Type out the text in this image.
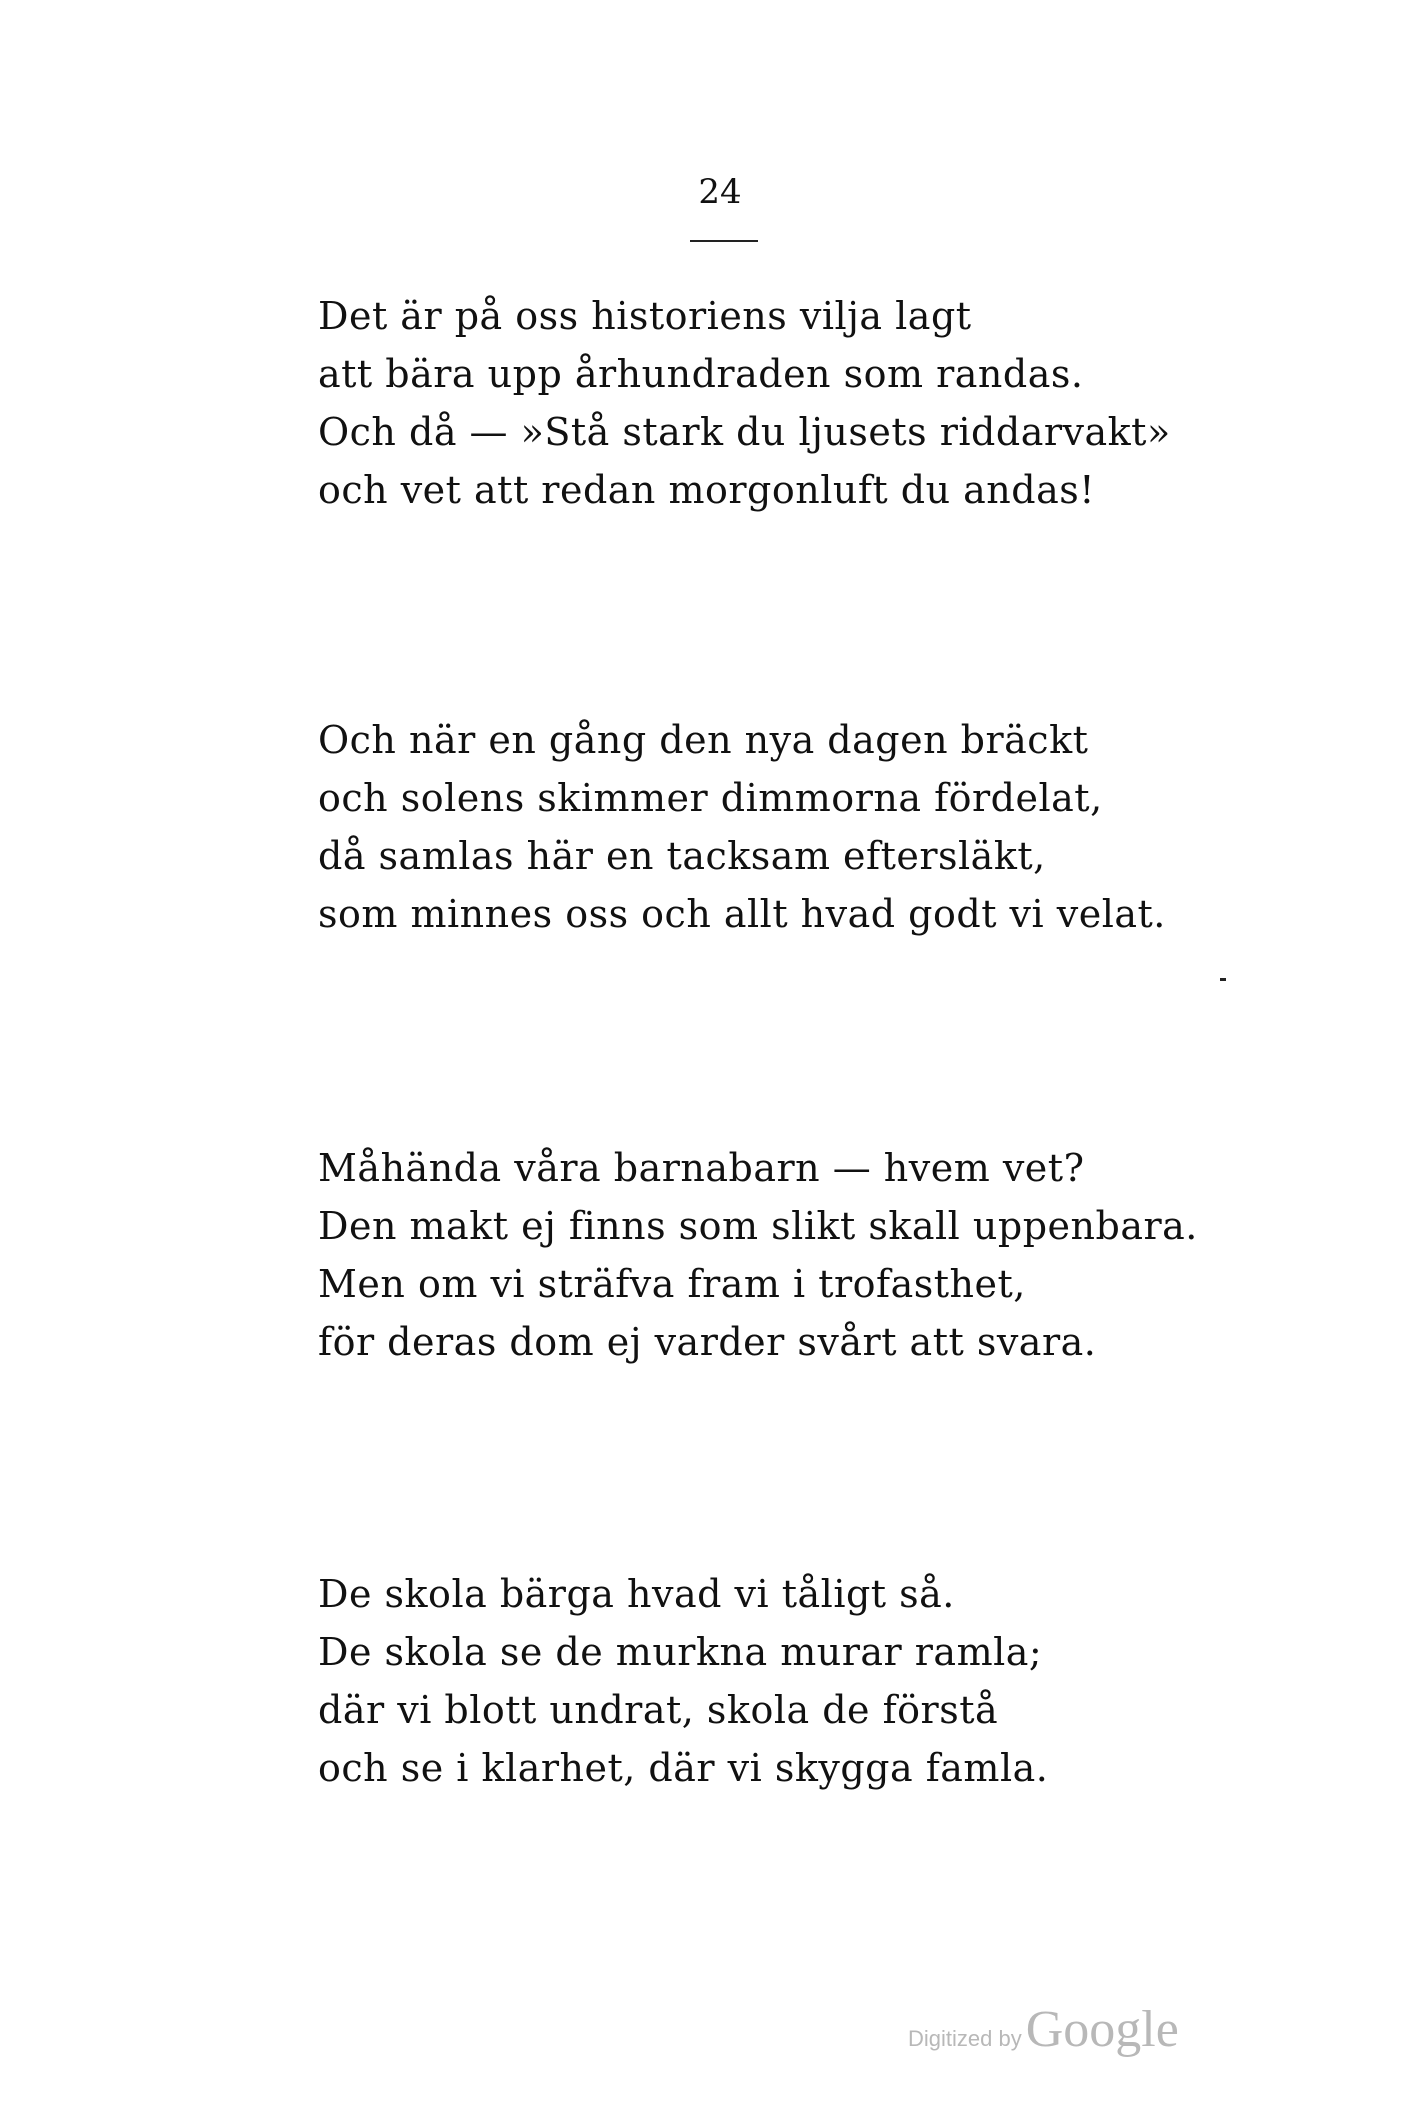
24
Det är på oss historiens vilja lagt
att bära upp århundraden som randas.
Och då — »Stå stark du ljusets riddarvakt»
och vet att redan morgonluft du andas!
Och när en gång den nya dagen bräckt
och solens skimmer dimmorna fördelat,
då samlas här en tacksam eftersläkt,
som minnes oss och allt hvad godt vi velat.
Måhända våra barnabarn — hvem vet?
Den makt ej finns som slikt skall uppenbara.
Men om vi sträfva fram i trofasthet,
för deras dom ej varder svårt att svara.
De skola bärga hvad vi tåligt så.
De skola se de murkna murar ramla;
där vi blott undrat, skola de förstå
och se i klarhet, där vi skygga famla.
Digitized by Google
